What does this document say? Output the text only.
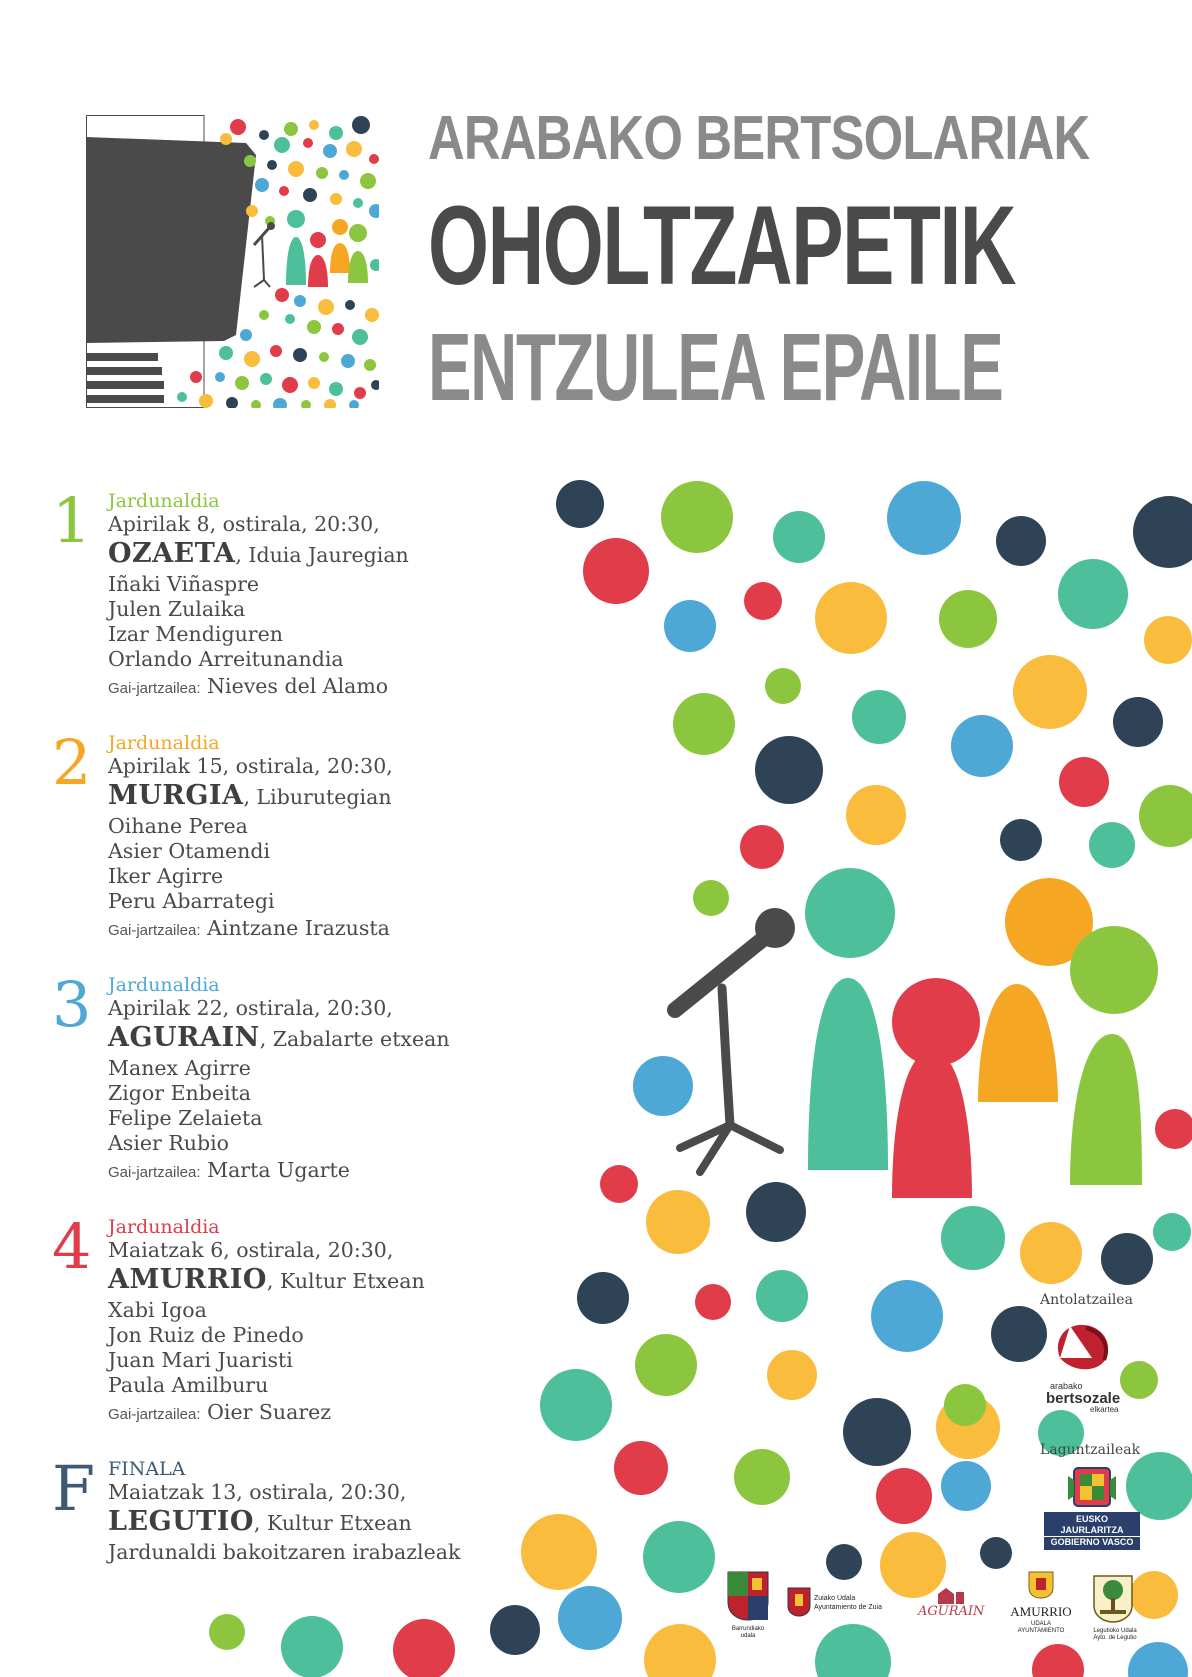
ARABAKO BERTSOLARIAK
OHOLTZAPETIK
ENTZULEA EPAILE
1 Jardunaldia
Apirilak 8, ostirala, 20:30,
OZAETA, Iduia Jauregian
Iñaki Viñaspre
Julen Zulaika
Izar Mendiguren
Orlando Arreitunandia
Gai-jartzailea: Nieves del Alamo
2 Jardunaldia
Apirilak 15, ostirala, 20:30,
MURGIA, Liburutegian
Oihane Perea
Asier Otamendi
Iker Agirre
Peru Abarrategi
Gai-jartzailea: Aintzane Irazusta
3 Jardunaldia
Apirilak 22, ostirala, 20:30,
AGURAIN, Zabalarte etxean
Manex Agirre
Zigor Enbeita
Felipe Zelaieta
Asier Rubio
Gai-jartzailea: Marta Ugarte
4 Jardunaldia
Maiatzak 6, ostirala, 20:30,
AMURRIO, Kultur Etxean
Xabi Igoa
Jon Ruiz de Pinedo
Juan Mari Juaristi
Paula Amilburu
Gai-jartzailea: Oier Suarez
F FINALA
Maiatzak 13, ostirala, 20:30,
LEGUTIO, Kultur Etxean
Jardunaldi bakoitzaren irabazleak
Antolatzailea
arabako
bertsozale
elkartea
Laguntzaileak
EUSKO JAURLARITZA
GOBIERNO VASCO
Barrundiako udala
Zuiako Udala
Ayuntamiento de Zuia	AGURAIN	AMURRIO
UDALA
AYUNTAMIENTO	Legutioko Udala
Ayto. de Legutio
